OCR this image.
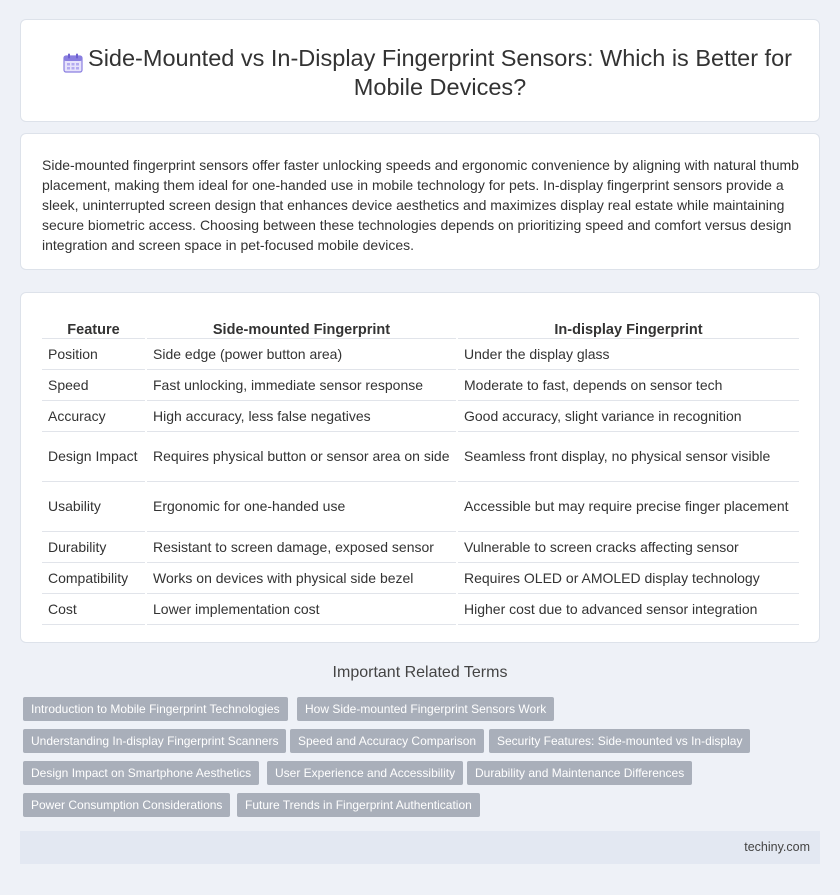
Side-Mounted vs In-Display Fingerprint Sensors: Which is Better for Mobile Devices?

Side-mounted fingerprint sensors offer faster unlocking speeds and ergonomic convenience by aligning with natural thumb placement, making them ideal for one-handed use in mobile technology for pets. In-display fingerprint sensors provide a sleek, uninterrupted screen design that enhances device aesthetics and maximizes display real estate while maintaining secure biometric access. Choosing between these technologies depends on prioritizing speed and comfort versus design integration and screen space in pet-focused mobile devices.

Feature	Side-mounted Fingerprint	In-display Fingerprint
Position	Side edge (power button area)	Under the display glass
Speed	Fast unlocking, immediate sensor response	Moderate to fast, depends on sensor tech
Accuracy	High accuracy, less false negatives	Good accuracy, slight variance in recognition
Design Impact	Requires physical button or sensor area on side	Seamless front display, no physical sensor visible
Usability	Ergonomic for one-handed use	Accessible but may require precise finger placement
Durability	Resistant to screen damage, exposed sensor	Vulnerable to screen cracks affecting sensor
Compatibility	Works on devices with physical side bezel	Requires OLED or AMOLED display technology
Cost	Lower implementation cost	Higher cost due to advanced sensor integration
Important Related Terms
Introduction to Mobile Fingerprint Technologies	How Side-mounted Fingerprint Sensors Work
Understanding In-display Fingerprint Scanners	Speed and Accuracy Comparison	Security Features: Side-mounted vs In-display
Design Impact on Smartphone Aesthetics	User Experience and Accessibility	Durability and Maintenance Differences
Power Consumption Considerations	Future Trends in Fingerprint Authentication
techiny.com
